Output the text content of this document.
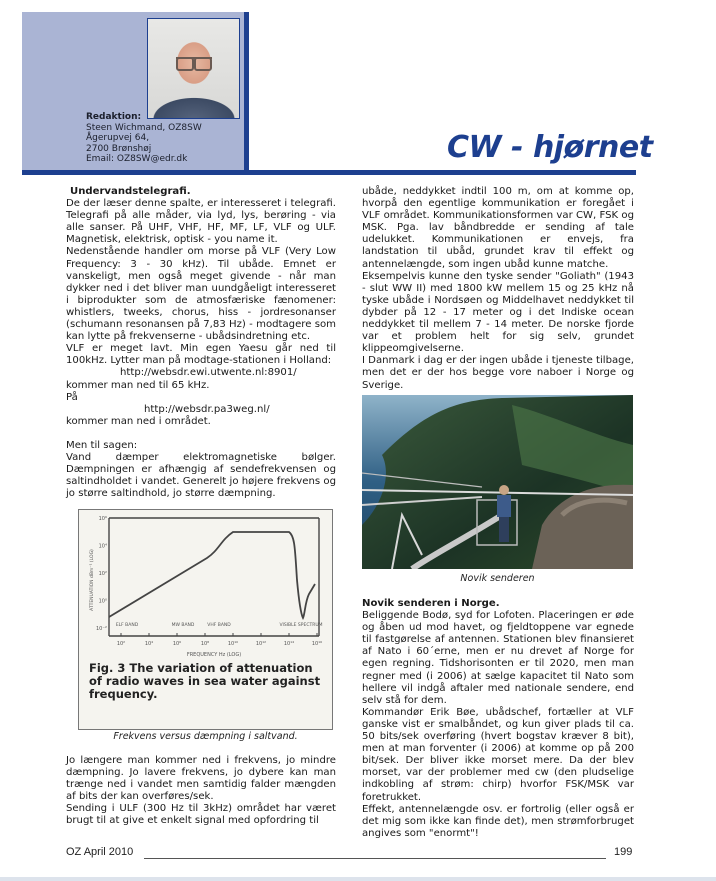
Redaktion:
Steen Wichmand, OZ8SW
Ågerupvej 64,
2700 Brønshøj
Email: OZ8SW@edr.dk	CW - hjørnet

Undervandstelegrafi.

De der læser denne spalte, er interesseret i telegrafi. Telegrafi på alle måder, via lyd, lys, berøring - via alle sanser. På UHF, VHF, HF, MF, LF, VLF og ULF. Magnetisk, elektrisk, optisk - you name it.

Nedenstående handler om morse på VLF (Very Low Frequency: 3 - 30 kHz). Til ubåde. Emnet er vanskeligt, men også meget givende - når man dykker ned i det bliver man uundgåeligt interesseret i biprodukter som de atmosfæriske fænomener: whistlers, tweeks, chorus, hiss - jordresonanser (schumann resonansen på 7,83 Hz) - modtagere som kan lytte på frekvenserne - ubådsindretning etc.

VLF er meget lavt. Min egen Yaesu går ned til 100kHz. Lytter man på modtage-stationen i Holland:

http://websdr.ewi.utwente.nl:8901/

kommer man ned til 65 kHz.

På

http://websdr.pa3weg.nl/

kommer man ned i området.

Men til sagen:

Vand dæmper elektromagnetiske bølger. Dæmpningen er afhængig af sendefrekvensen og saltindholdet i vandet. Generelt jo højere frekvens og jo større saltindhold, jo større dæmpning.

10²	10⁴	10⁶	10⁸	10¹⁰	10¹²	10¹⁴	10¹⁶
10⁻²
10⁰
10²
10⁴
10⁶
ATTENUATION dBm⁻¹ (LOG)
FREQUENCY Hz (LOG)
ELF BAND	MW BAND	VHF BAND	VISIBLE SPECTRUM
Fig. 3 The variation of attenuation of radio waves in sea water against frequency.
Frekvens versus dæmpning i saltvand.

Jo længere man kommer ned i frekvens, jo mindre dæmpning. Jo lavere frekvens, jo dybere kan man trænge ned i vandet men samtidig falder mængden af bits der kan overføres/sek.

Sending i ULF (300 Hz til 3kHz) området har været brugt til at give et enkelt signal med opfordring til

ubåde, neddykket indtil 100 m, om at komme op, hvorpå den egentlige kommunikation er foregået i VLF området. Kommunikationsformen var CW, FSK og MSK. Pga. lav båndbredde er sending af tale udelukket. Kommunikationen er envejs, fra landstation til ubåd, grundet krav til effekt og antennelængde, som ingen ubåd kunne matche.

Eksempelvis kunne den tyske sender "Goliath" (1943 - slut WW II) med 1800 kW mellem 15 og 25 kHz nå tyske ubåde i Nordsøen og Middelhavet neddykket til dybder på 12 - 17 meter og i det Indiske ocean neddykket til mellem 7 - 14 meter. De norske fjorde var et problem helt for sig selv, grundet klippeomgivelserne.

I Danmark i dag er der ingen ubåde i tjeneste tilbage, men det er der hos begge vore naboer i Norge og Sverige.

Novik senderen

Novik senderen i Norge.

Beliggende Bodø, syd for Lofoten. Placeringen er øde og åben ud mod havet, og fjeldtoppene var egnede til fastgørelse af antennen. Stationen blev finansieret af Nato i 60´erne, men er nu drevet af Norge for egen regning. Tidshorisonten er til 2020, men man regner med (i 2006) at sælge kapacitet til Nato som hellere vil indgå aftaler med nationale sendere, end selv stå for dem.

Kommandør Erik Bøe, ubådschef, fortæller at VLF ganske vist er smalbåndet, og kun giver plads til ca. 50 bits/sek overføring (hvert bogstav kræver 8 bit), men at man forventer (i 2006) at komme op på 200 bit/sek. Der bliver ikke morset mere. Da der blev morset, var der problemer med cw (den pludselige indkobling af strøm: chirp) hvorfor FSK/MSK var foretrukket.

Effekt, antennelængde osv. er fortrolig (eller også er det mig som ikke kan finde det), men strømforbruget angives som "enormt"!

OZ April 2010	199
